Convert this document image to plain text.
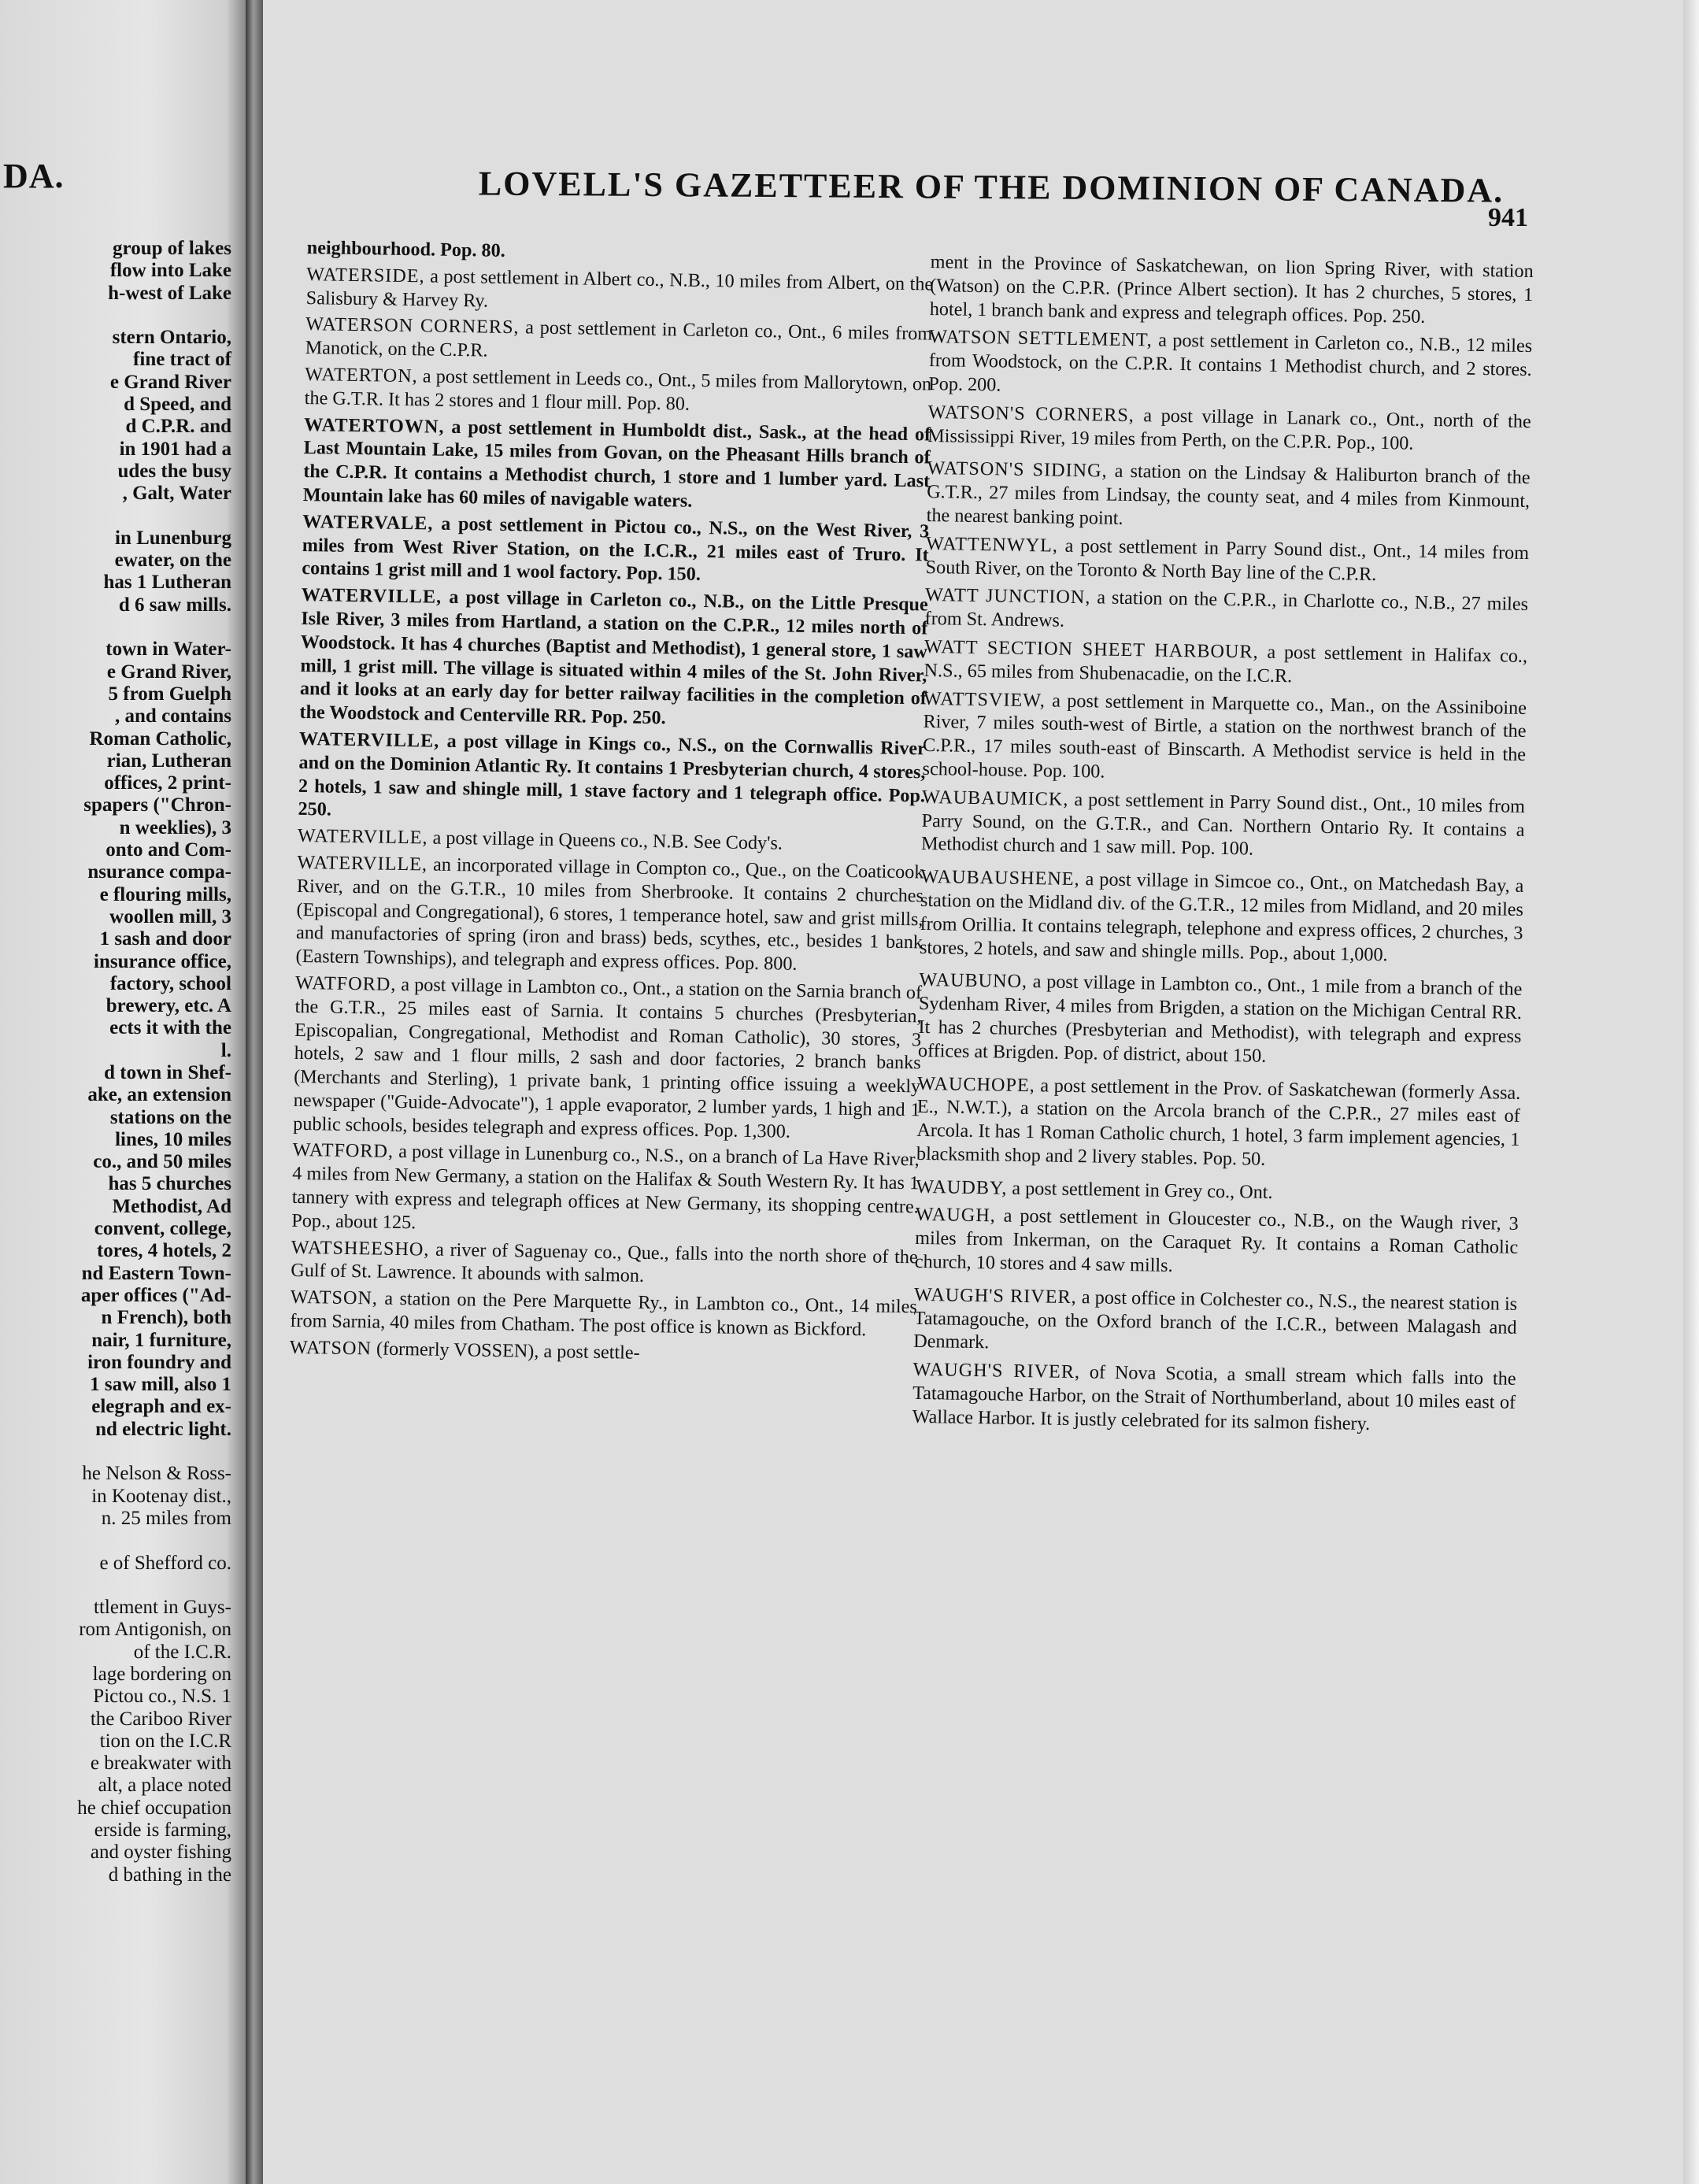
DA.
group of lakes
flow into Lake
h-west of Lake

stern Ontario,
fine tract of
e Grand River
d Speed, and
d C.P.R. and
in 1901 had a
udes the busy
, Galt, Water

in Lunenburg
ewater, on the
has 1 Lutheran
d 6 saw mills.

town in Water-
e Grand River,
5 from Guelph
, and contains
Roman Catholic,
rian, Lutheran
offices, 2 print-
spapers ("Chron-
n weeklies), 3
onto and Com-
nsurance compa-
e flouring mills,
woollen mill, 3
1 sash and door
insurance office,
factory, school
brewery, etc. A
ects it with the
l.
d town in Shef-
ake, an extension
stations on the
lines, 10 miles
co., and 50 miles
has 5 churches
Methodist, Ad
convent, college,
tores, 4 hotels, 2
nd Eastern Town-
aper offices ("Ad-
n French), both
nair, 1 furniture,
iron foundry and
1 saw mill, also 1
elegraph and ex-
nd electric light.

he Nelson & Ross-
in Kootenay dist.,
n. 25 miles from

e of Shefford co.

ttlement in Guys-
rom Antigonish, on
of the I.C.R.
lage bordering on
Pictou co., N.S. 1
the Cariboo River
tion on the I.C.R
e breakwater with
alt, a place noted
he chief occupation
erside is farming,
and oyster fishing
d bathing in the
LOVELL'S GAZETTEER OF THE DOMINION OF CANADA.
941

neighbourhood. Pop. 80.

WATERSIDE, a post settlement in Albert co., N.B., 10 miles from Albert, on the Salisbury & Harvey Ry.

WATERSON CORNERS, a post settlement in Carleton co., Ont., 6 miles from Manotick, on the C.P.R.

WATERTON, a post settlement in Leeds co., Ont., 5 miles from Mallorytown, on the G.T.R. It has 2 stores and 1 flour mill. Pop. 80.

WATERTOWN, a post settlement in Humboldt dist., Sask., at the head of Last Mountain Lake, 15 miles from Govan, on the Pheasant Hills branch of the C.P.R. It contains a Methodist church, 1 store and 1 lumber yard. Last Mountain lake has 60 miles of navigable waters.

WATERVALE, a post settlement in Pictou co., N.S., on the West River, 3 miles from West River Station, on the I.C.R., 21 miles east of Truro. It contains 1 grist mill and 1 wool factory. Pop. 150.

WATERVILLE, a post village in Carleton co., N.B., on the Little Presque Isle River, 3 miles from Hartland, a station on the C.P.R., 12 miles north of Woodstock. It has 4 churches (Baptist and Methodist), 1 general store, 1 saw mill, 1 grist mill. The village is situated within 4 miles of the St. John River, and it looks at an early day for better railway facilities in the completion of the Woodstock and Centerville RR. Pop. 250.

WATERVILLE, a post village in Kings co., N.S., on the Cornwallis River and on the Dominion Atlantic Ry. It contains 1 Presbyterian church, 4 stores, 2 hotels, 1 saw and shingle mill, 1 stave factory and 1 telegraph office. Pop. 250.

WATERVILLE, a post village in Queens co., N.B. See Cody's.

WATERVILLE, an incorporated village in Compton co., Que., on the Coaticook River, and on the G.T.R., 10 miles from Sherbrooke. It contains 2 churches (Episcopal and Congregational), 6 stores, 1 temperance hotel, saw and grist mills, and manufactories of spring (iron and brass) beds, scythes, etc., besides 1 bank (Eastern Townships), and telegraph and express offices. Pop. 800.

WATFORD, a post village in Lambton co., Ont., a station on the Sarnia branch of the G.T.R., 25 miles east of Sarnia. It contains 5 churches (Presbyterian, Episcopalian, Congregational, Methodist and Roman Catholic), 30 stores, 3 hotels, 2 saw and 1 flour mills, 2 sash and door factories, 2 branch banks (Merchants and Sterling), 1 private bank, 1 printing office issuing a weekly newspaper ("Guide-Advocate"), 1 apple evaporator, 2 lumber yards, 1 high and 1 public schools, besides telegraph and express offices. Pop. 1,300.

WATFORD, a post village in Lunenburg co., N.S., on a branch of La Have River, 4 miles from New Germany, a station on the Halifax & South Western Ry. It has 1 tannery with express and telegraph offices at New Germany, its shopping centre. Pop., about 125.

WATSHEESHO, a river of Saguenay co., Que., falls into the north shore of the Gulf of St. Lawrence. It abounds with salmon.

WATSON, a station on the Pere Marquette Ry., in Lambton co., Ont., 14 miles from Sarnia, 40 miles from Chatham. The post office is known as Bickford.

WATSON (formerly VOSSEN), a post settle-

ment in the Province of Saskatchewan, on lion Spring River, with station (Watson) on the C.P.R. (Prince Albert section). It has 2 churches, 5 stores, 1 hotel, 1 branch bank and express and telegraph offices. Pop. 250.

WATSON SETTLEMENT, a post settlement in Carleton co., N.B., 12 miles from Woodstock, on the C.P.R. It contains 1 Methodist church, and 2 stores. Pop. 200.

WATSON'S CORNERS, a post village in Lanark co., Ont., north of the Mississippi River, 19 miles from Perth, on the C.P.R. Pop., 100.

WATSON'S SIDING, a station on the Lindsay & Haliburton branch of the G.T.R., 27 miles from Lindsay, the county seat, and 4 miles from Kinmount, the nearest banking point.

WATTENWYL, a post settlement in Parry Sound dist., Ont., 14 miles from South River, on the Toronto & North Bay line of the C.P.R.

WATT JUNCTION, a station on the C.P.R., in Charlotte co., N.B., 27 miles from St. Andrews.

WATT SECTION SHEET HARBOUR, a post settlement in Halifax co., N.S., 65 miles from Shubenacadie, on the I.C.R.

WATTSVIEW, a post settlement in Marquette co., Man., on the Assiniboine River, 7 miles south-west of Birtle, a station on the northwest branch of the C.P.R., 17 miles south-east of Binscarth. A Methodist service is held in the school-house. Pop. 100.

WAUBAUMICK, a post settlement in Parry Sound dist., Ont., 10 miles from Parry Sound, on the G.T.R., and Can. Northern Ontario Ry. It contains a Methodist church and 1 saw mill. Pop. 100.

WAUBAUSHENE, a post village in Simcoe co., Ont., on Matchedash Bay, a station on the Midland div. of the G.T.R., 12 miles from Midland, and 20 miles from Orillia. It contains telegraph, telephone and express offices, 2 churches, 3 stores, 2 hotels, and saw and shingle mills. Pop., about 1,000.

WAUBUNO, a post village in Lambton co., Ont., 1 mile from a branch of the Sydenham River, 4 miles from Brigden, a station on the Michigan Central RR. It has 2 churches (Presbyterian and Methodist), with telegraph and express offices at Brigden. Pop. of district, about 150.

WAUCHOPE, a post settlement in the Prov. of Saskatchewan (formerly Assa. E., N.W.T.), a station on the Arcola branch of the C.P.R., 27 miles east of Arcola. It has 1 Roman Catholic church, 1 hotel, 3 farm implement agencies, 1 blacksmith shop and 2 livery stables. Pop. 50.

WAUDBY, a post settlement in Grey co., Ont.

WAUGH, a post settlement in Gloucester co., N.B., on the Waugh river, 3 miles from Inkerman, on the Caraquet Ry. It contains a Roman Catholic church, 10 stores and 4 saw mills.

WAUGH'S RIVER, a post office in Colchester co., N.S., the nearest station is Tatamagouche, on the Oxford branch of the I.C.R., between Malagash and Denmark.

WAUGH'S RIVER, of Nova Scotia, a small stream which falls into the Tatamagouche Harbor, on the Strait of Northumberland, about 10 miles east of Wallace Harbor. It is justly celebrated for its salmon fishery.
